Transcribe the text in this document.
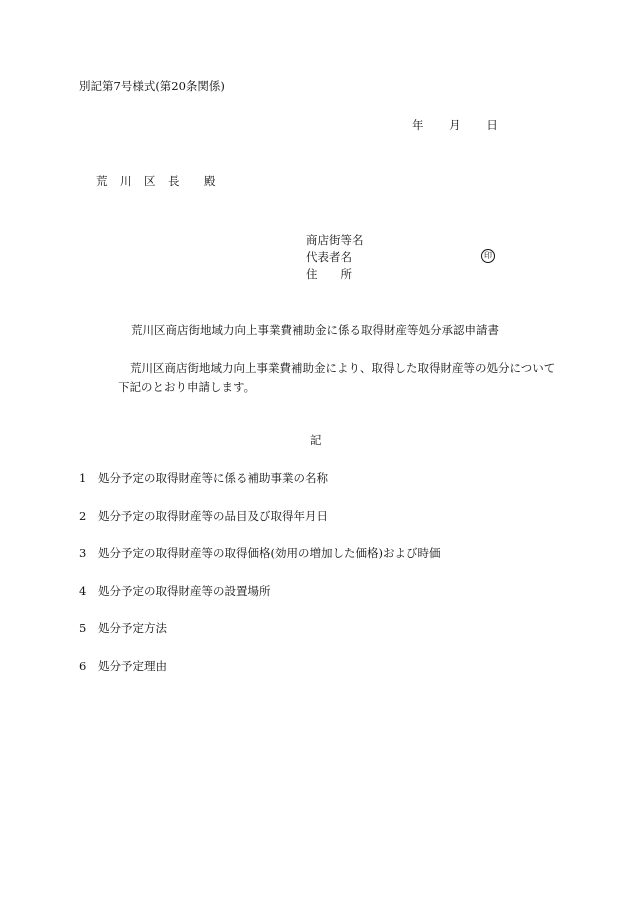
別記第7号様式(第20条関係)
年 月 日
荒　川　区　長　　殿
商店街等名
代表者名
住　　所
印
荒川区商店街地域力向上事業費補助金に係る取得財産等処分承認申請書
荒川区商店街地域力向上事業費補助金により、取得した取得財産等の処分について下記のとおり申請します。
記
1	処分予定の取得財産等に係る補助事業の名称
2	処分予定の取得財産等の品目及び取得年月日
3	処分予定の取得財産等の取得価格(効用の増加した価格)および時価
4	処分予定の取得財産等の設置場所
5	処分予定方法
6	処分予定理由
